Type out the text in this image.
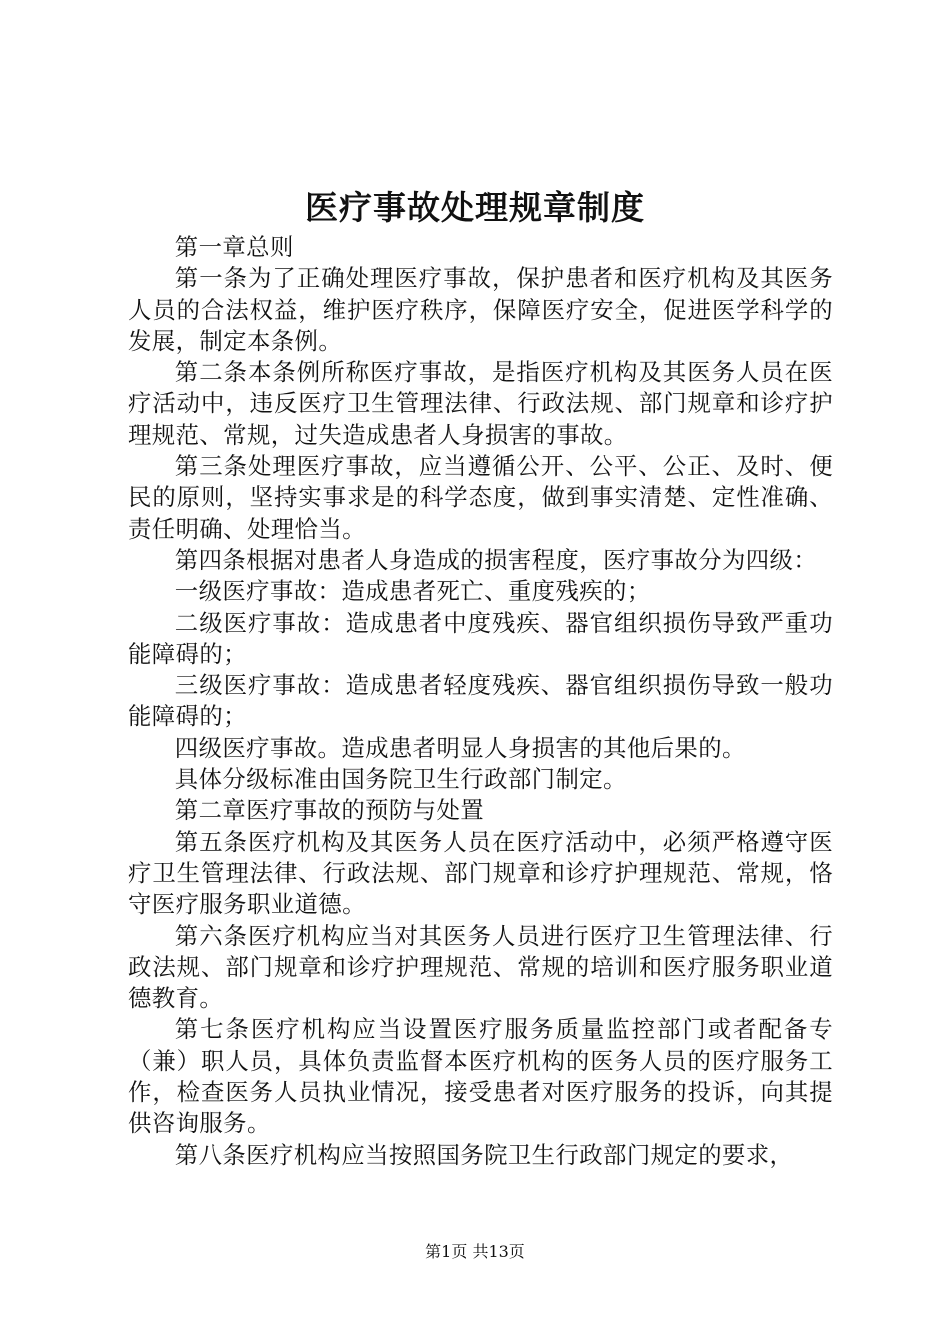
医疗事故处理规章制度

第一章总则

第一条为了正确处理医疗事故，保护患者和医疗机构及其医务人员的合法权益，维护医疗秩序，保障医疗安全，促进医学科学的发展，制定本条例。

第二条本条例所称医疗事故，是指医疗机构及其医务人员在医疗活动中，违反医疗卫生管理法律、行政法规、部门规章和诊疗护理规范、常规，过失造成患者人身损害的事故。

第三条处理医疗事故，应当遵循公开、公平、公正、及时、便民的原则，坚持实事求是的科学态度，做到事实清楚、定性准确、责任明确、处理恰当。

第四条根据对患者人身造成的损害程度，医疗事故分为四级：

一级医疗事故：造成患者死亡、重度残疾的；

二级医疗事故：造成患者中度残疾、器官组织损伤导致严重功能障碍的；

三级医疗事故：造成患者轻度残疾、器官组织损伤导致一般功能障碍的；

四级医疗事故。造成患者明显人身损害的其他后果的。

具体分级标准由国务院卫生行政部门制定。

第二章医疗事故的预防与处置

第五条医疗机构及其医务人员在医疗活动中，必须严格遵守医疗卫生管理法律、行政法规、部门规章和诊疗护理规范、常规，恪守医疗服务职业道德。

第六条医疗机构应当对其医务人员进行医疗卫生管理法律、行政法规、部门规章和诊疗护理规范、常规的培训和医疗服务职业道德教育。

第七条医疗机构应当设置医疗服务质量监控部门或者配备专（兼）职人员，具体负责监督本医疗机构的医务人员的医疗服务工作，检查医务人员执业情况，接受患者对医疗服务的投诉，向其提供咨询服务。

第八条医疗机构应当按照国务院卫生行政部门规定的要求，

第1页 共13页
